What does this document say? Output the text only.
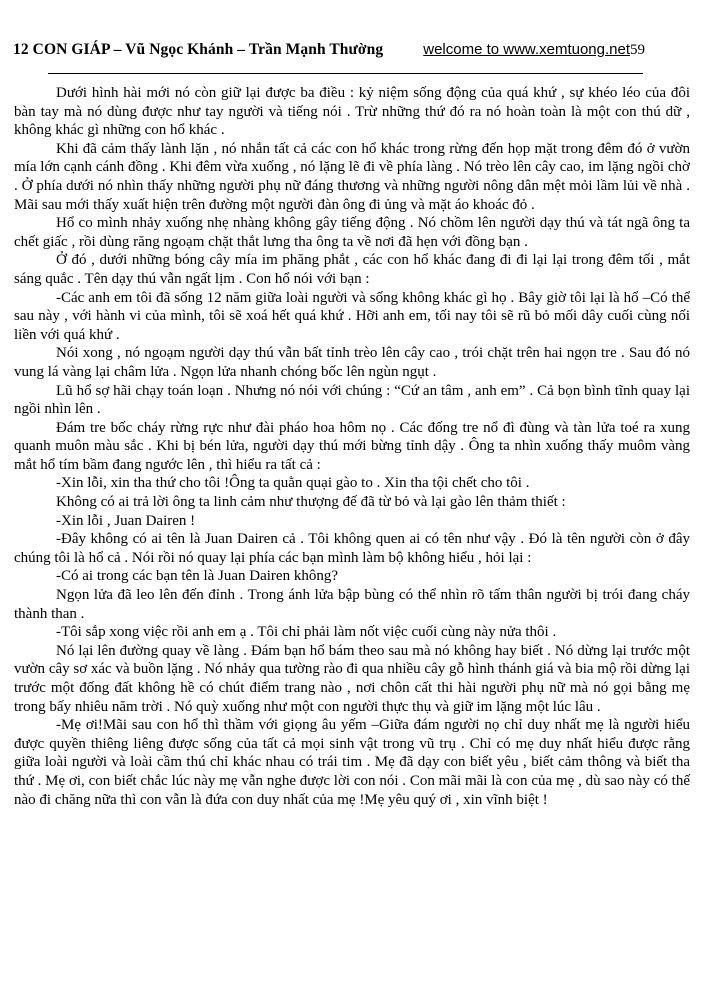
12 CON GIÁP – Vũ Ngọc Khánh – Trần Mạnh Thường	welcome to www.xemtuong.net59

Dưới hình hài mới nó còn giữ lại được ba điều : kỷ niệm sống động của quá khứ , sự khéo léo của đôi bàn tay mà nó dùng được như tay người và tiếng nói . Trừ những thứ đó ra nó hoàn toàn là một con thú dữ , không khác gì những con hổ khác .

Khi đã cảm thấy lành lặn , nó nhắn tất cả các con hổ khác trong rừng đến họp mặt trong đêm đó ở vườn mía lớn cạnh cánh đồng . Khi đêm vừa xuống , nó lặng lẽ đi về phía làng . Nó trèo lên cây cao, im lặng ngồi chờ . Ở phía dưới nó nhìn thấy những người phụ nữ đáng thương và những người nông dân mệt mỏi lầm lủi về nhà . Mãi sau mới thấy xuất hiện trên đường một người đàn ông đi ủng và mặt áo khoác đỏ .

Hổ co mình nhảy xuống nhẹ nhàng không gây tiếng động . Nó chồm lên người dạy thú và tát ngã ông ta chết giấc , rồi dùng răng ngoạm chặt thắt lưng tha ông ta về nơi đã hẹn với đồng bạn .

Ở đó , dưới những bóng cây mía im phăng phắt , các con hổ khác đang đi đi lại lại trong đêm tối , mắt sáng quắc . Tên dạy thú vẫn ngất lịm . Con hổ nói với bạn :

-Các anh em tôi đã sống 12 năm giữa loài người và sống không khác gì họ . Bây giờ tôi lại là hổ –Có thể sau này , với hành vi của mình, tôi sẽ xoá hết quá khứ . Hỡi anh em, tối nay tôi sẽ rũ bỏ mối dây cuối cùng nối liền với quá khứ .

Nói xong , nó ngoạm người dạy thú vẫn bất tỉnh trèo lên cây cao , trói chặt trên hai ngọn tre . Sau đó nó vung lá vàng lại châm lửa . Ngọn lửa nhanh chóng bốc lên ngùn ngụt .

Lũ hổ sợ hãi chạy toán loạn . Nhưng nó nói với chúng : “Cứ an tâm , anh em” . Cả bọn bình tĩnh quay lại ngồi nhìn lên .

Đám tre bốc cháy rừng rực như đài pháo hoa hôm nọ . Các đống tre nổ đì đùng và tàn lửa toé ra xung quanh muôn màu sắc . Khi bị bén lửa, người dạy thú mới bừng tỉnh dậy . Ông ta nhìn xuống thấy muôm vàng mắt hổ tím bầm đang ngước lên , thì hiểu ra tất cả :

-Xin lỗi, xin tha thứ cho tôi !Ông ta quằn quại gào to . Xin tha tội chết cho tôi .

Không có ai trả lời ông ta linh cảm như thượng đế đã từ bỏ và lại gào lên thảm thiết :

-Xin lỗi , Juan Dairen !

-Đây không có ai tên là Juan Dairen cả . Tôi không quen ai có tên như vậy . Đó là tên người còn ở đây chúng tôi là hổ cả . Nói rồi nó quay lại phía các bạn mình làm bộ không hiểu , hỏi lại :

-Có ai trong các bạn tên là Juan Dairen không?

Ngọn lửa đã leo lên đến đỉnh . Trong ánh lửa bập bùng có thể nhìn rõ tấm thân người bị trói đang cháy thành than .

-Tôi sắp xong việc rồi anh em ạ . Tôi chỉ phải làm nốt việc cuối cùng này nửa thôi .

Nó lại lên đường quay về làng . Đám bạn hổ bám theo sau mà nó không hay biết . Nó dừng lại trước một vườn cây sơ xác và buồn lặng . Nó nhảy qua tường rào đi qua nhiều cây gỗ hình thánh giá và bia mộ rồi dừng lại trước một đống đất không hề có chút điểm trang nào , nơi chôn cất thi hài người phụ nữ mà nó gọi bằng mẹ trong bấy nhiêu năm trời . Nó quỳ xuống như một con người thực thụ và giữ im lặng một lúc lâu .

-Mẹ ơi!Mãi sau con hổ thì thầm với giọng âu yếm –Giữa đám người nọ chỉ duy nhất mẹ là người hiểu được quyền thiêng liêng được sống của tất cả mọi sinh vật trong vũ trụ . Chỉ có mẹ duy nhất hiểu được rằng giữa loài người và loài cầm thú chỉ khác nhau có trái tim . Mẹ đã dạy con biết yêu , biết cảm thông và biết tha thứ . Mẹ ơi, con biết chắc lúc này mẹ vẫn nghe được lời con nói . Con mãi mãi là con của mẹ , dù sao này có thế nào đi chăng nữa thì con vẫn là đứa con duy nhất của mẹ !Mẹ yêu quý ơi , xin vĩnh biệt !
